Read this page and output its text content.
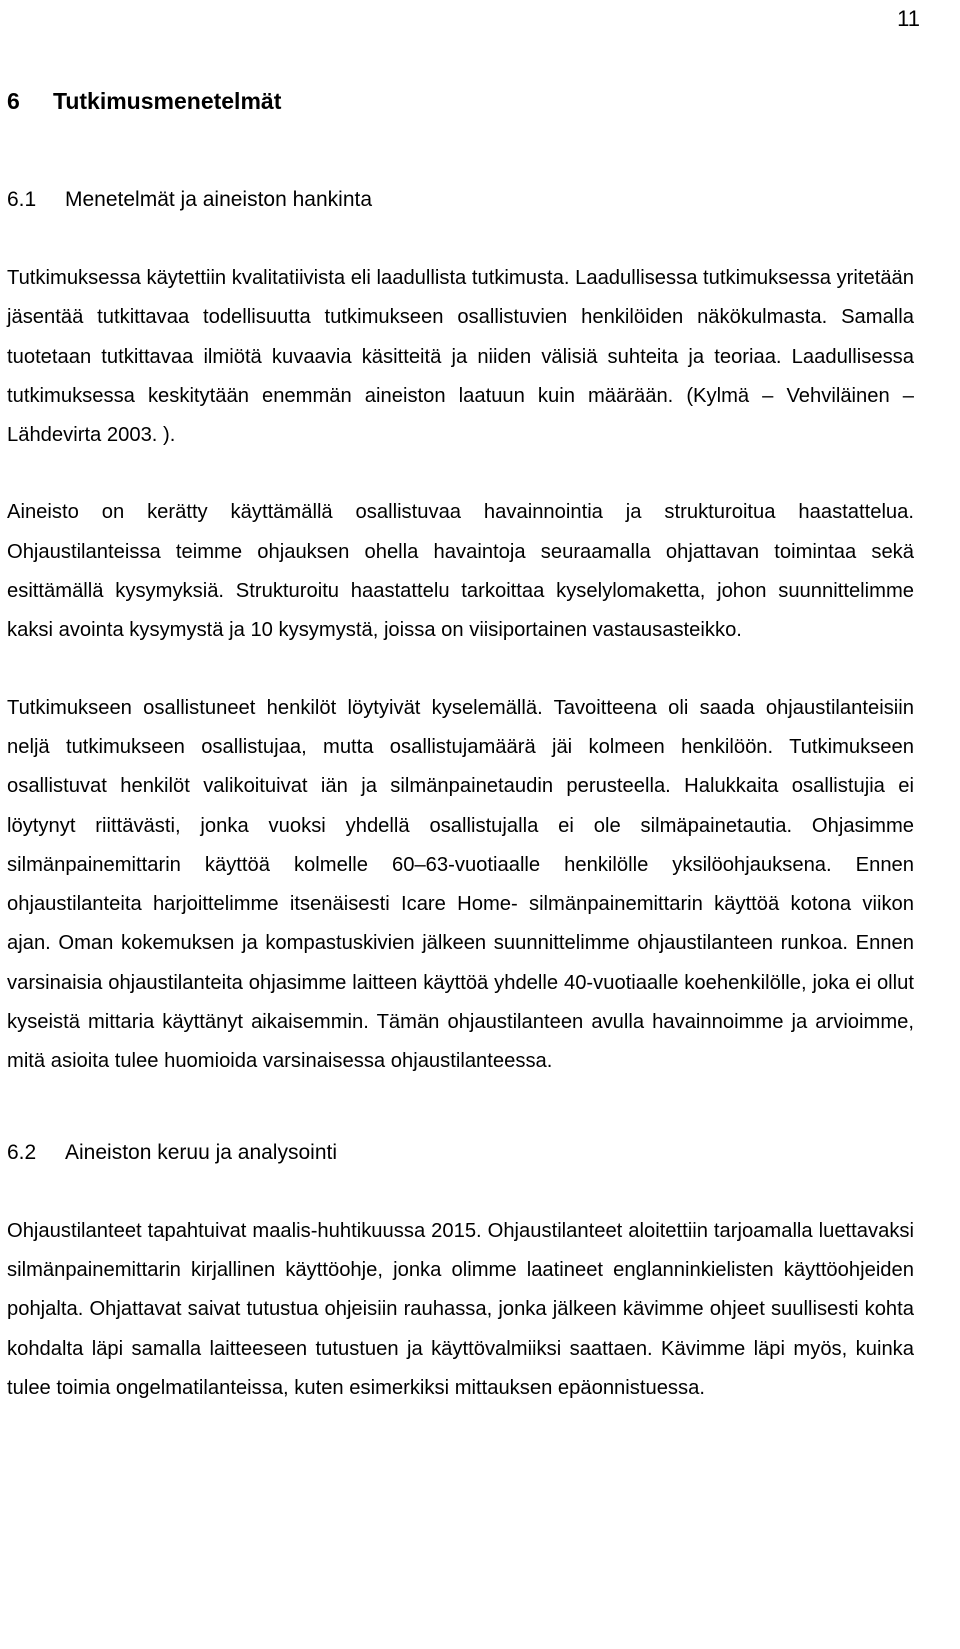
11
6 Tutkimusmenetelmät
6.1 Menetelmät ja aineiston hankinta

Tutkimuksessa käytettiin kvalitatiivista eli laadullista tutkimusta. Laadullisessa tutkimuksessa yritetään jäsentää tutkittavaa todellisuutta tutkimukseen osallistuvien henkilöiden näkökulmasta. Samalla tuotetaan tutkittavaa ilmiötä kuvaavia käsitteitä ja niiden välisiä suhteita ja teoriaa. Laadullisessa tutkimuksessa keskitytään enemmän aineiston laatuun kuin määrään. (Kylmä – Vehviläinen – Lähdevirta 2003. ).

Aineisto on kerätty käyttämällä osallistuvaa havainnointia ja strukturoitua haastattelua. Ohjaustilanteissa teimme ohjauksen ohella havaintoja seuraamalla ohjattavan toimintaa sekä esittämällä kysymyksiä. Strukturoitu haastattelu tarkoittaa kyselylomaketta, johon suunnittelimme kaksi avointa kysymystä ja 10 kysymystä, joissa on viisiportainen vastausasteikko.

Tutkimukseen osallistuneet henkilöt löytyivät kyselemällä. Tavoitteena oli saada ohjaustilanteisiin neljä tutkimukseen osallistujaa, mutta osallistujamäärä jäi kolmeen henkilöön. Tutkimukseen osallistuvat henkilöt valikoituivat iän ja silmänpainetaudin perusteella. Halukkaita osallistujia ei löytynyt riittävästi, jonka vuoksi yhdellä osallistujalla ei ole silmäpainetautia. Ohjasimme silmänpainemittarin käyttöä kolmelle 60–63-vuotiaalle henkilölle yksilöohjauksena. Ennen ohjaustilanteita harjoittelimme itsenäisesti Icare Home- silmänpainemittarin käyttöä kotona viikon ajan. Oman kokemuksen ja kompastuskivien jälkeen suunnittelimme ohjaustilanteen runkoa. Ennen varsinaisia ohjaustilanteita ohjasimme laitteen käyttöä yhdelle 40-vuotiaalle koehenkilölle, joka ei ollut kyseistä mittaria käyttänyt aikaisemmin. Tämän ohjaustilanteen avulla havainnoimme ja arvioimme, mitä asioita tulee huomioida varsinaisessa ohjaustilanteessa.

6.2 Aineiston keruu ja analysointi

Ohjaustilanteet tapahtuivat maalis-huhtikuussa 2015. Ohjaustilanteet aloitettiin tarjoamalla luettavaksi silmänpainemittarin kirjallinen käyttöohje, jonka olimme laatineet englanninkielisten käyttöohjeiden pohjalta. Ohjattavat saivat tutustua ohjeisiin rauhassa, jonka jälkeen kävimme ohjeet suullisesti kohta kohdalta läpi samalla laitteeseen tutustuen ja käyttövalmiiksi saattaen. Kävimme läpi myös, kuinka tulee toimia ongelmatilanteissa, kuten esimerkiksi mittauksen epäonnistuessa.
